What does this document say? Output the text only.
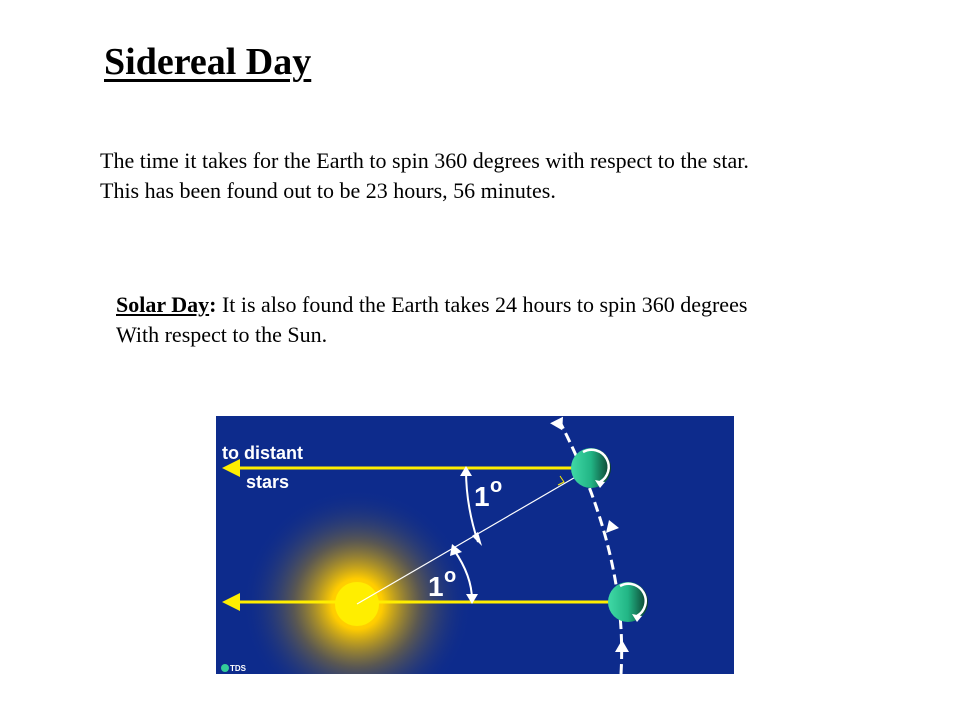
Sidereal Day

The time it takes for the Earth to spin 360 degrees with respect to the star.
This has been found out to be 23 hours, 56 minutes.

Solar Day: It is also found the Earth takes 24 hours to spin 360 degrees
With respect to the Sun.

to distant
stars	1 o
1 o
TDS
